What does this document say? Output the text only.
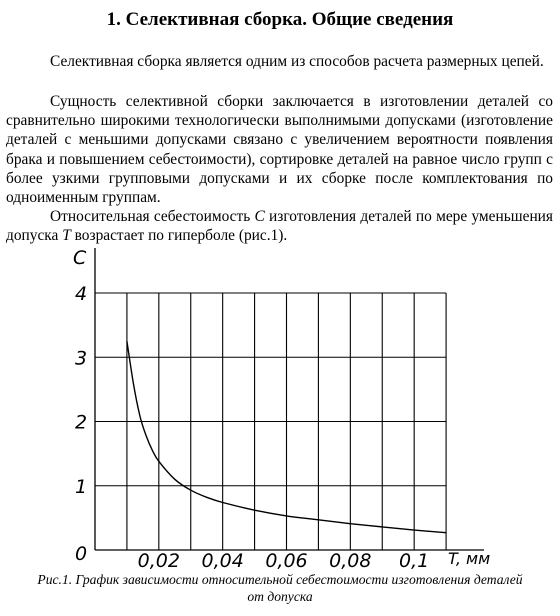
1. Селективная сборка. Общие сведения

Селективная сборка является одним из способов расчета размерных цепей.

Сущность селективной сборки заключается в изготовлении деталей со сравнительно широкими технологически выполнимыми допусками (изготовление деталей с меньшими допусками связано с увеличением вероятности появления брака и повышением себестоимости), сортировке деталей на равное число групп с более узкими групповыми допусками и их сборке после комплектования по одноименным группам.

Относительная себестоимость C изготовления деталей по мере уменьшения допуска T возрастает по гиперболе (рис.1).

0,02 0,04 0,06 0,08 0,1
1
2
3
4
C
T, мм
0

Рис.1. График зависимости относительной себестоимости изготовления деталей
от допуска
